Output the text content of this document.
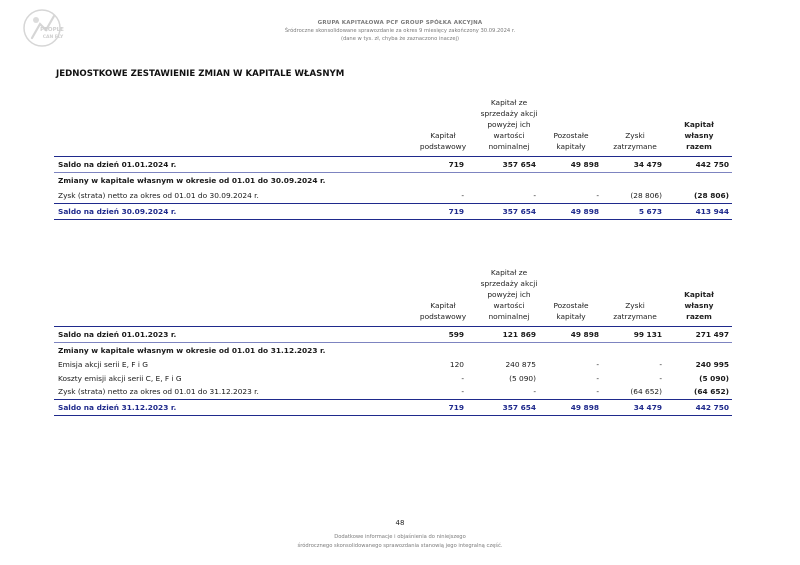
PEOPLE
CAN FLY
GRUPA KAPITAŁOWA PCF GROUP SPÓŁKA AKCYJNA
Śródroczne skonsolidowane sprawozdanie za okres 9 miesięcy zakończony 30.09.2024 r.
(dane w tys. zł, chyba że zaznaczono inaczej)
JEDNOSTKOWE ZESTAWIENIE ZMIAN W KAPITALE WŁASNYM
Kapitał podstawowy
Kapitał ze sprzedaży akcji powyżej ich wartości nominalnej
Pozostałe kapitały
Zyski zatrzymane
Kapitał własny razem
Saldo na dzień 01.01.2024 r.	719	357 654	49 898	34 479	442 750
Zmiany w kapitale własnym w okresie od 01.01 do 30.09.2024 r.
Zysk (strata) netto za okres od 01.01 do 30.09.2024 r.	-	-	-	(28 806)	(28 806)
Saldo na dzień 30.09.2024 r.	719	357 654	49 898	5 673	413 944
Kapitał podstawowy
Kapitał ze sprzedaży akcji powyżej ich wartości nominalnej
Pozostałe kapitały
Zyski zatrzymane
Kapitał własny razem
Saldo na dzień 01.01.2023 r.	599	121 869	49 898	99 131	271 497
Zmiany w kapitale własnym w okresie od 01.01 do 31.12.2023 r.
Emisja akcji serii E, F i G	120	240 875	-	-	240 995
Koszty emisji akcji serii C, E, F i G	-	(5 090)	-	-	(5 090)
Zysk (strata) netto za okres od 01.01 do 31.12.2023 r.	-	-	-	(64 652)	(64 652)
Saldo na dzień 31.12.2023 r.	719	357 654	49 898	34 479	442 750
48
Dodatkowe informacje i objaśnienia do niniejszego
śródrocznego skonsolidowanego sprawozdania stanowią jego integralną część.
